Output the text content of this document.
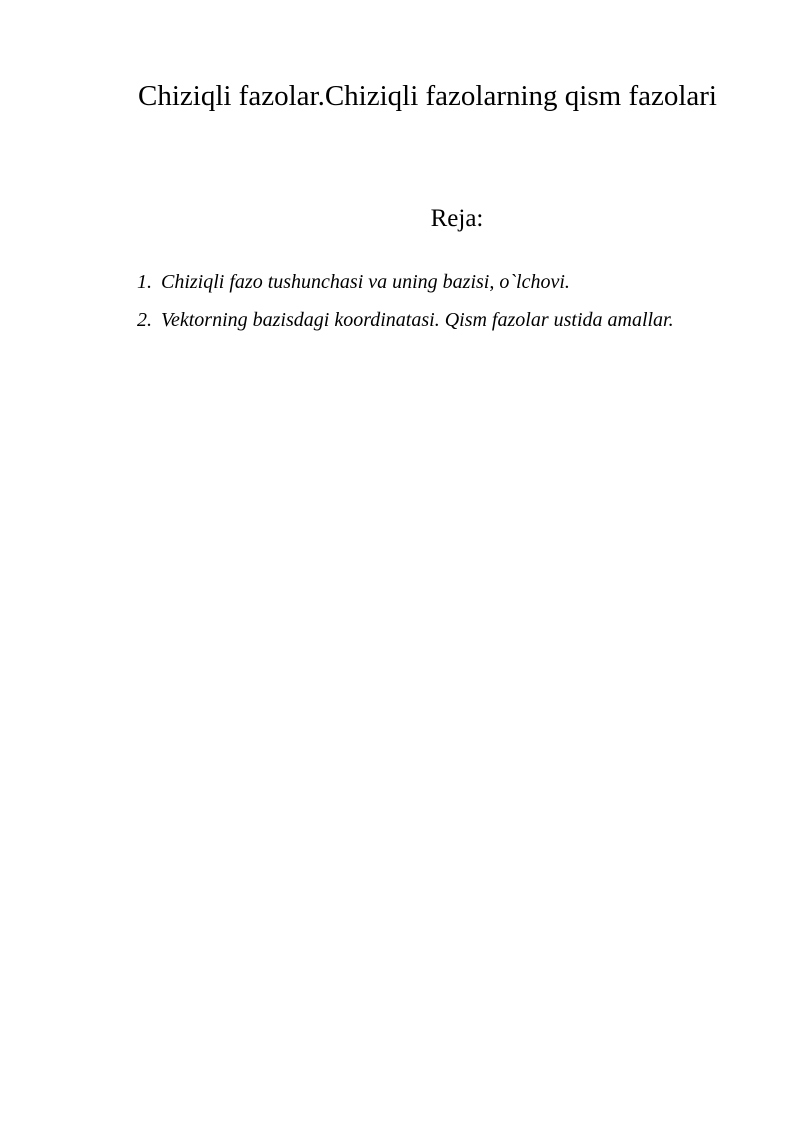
Chiziqli fazolar.Chiziqli fazolarning qism fazolari
Reja:
1. Chiziqli fazo tushunchasi va uning bazisi, o`lchovi.
2. Vektorning bazisdagi koordinatasi. Qism fazolar ustida amallar.
